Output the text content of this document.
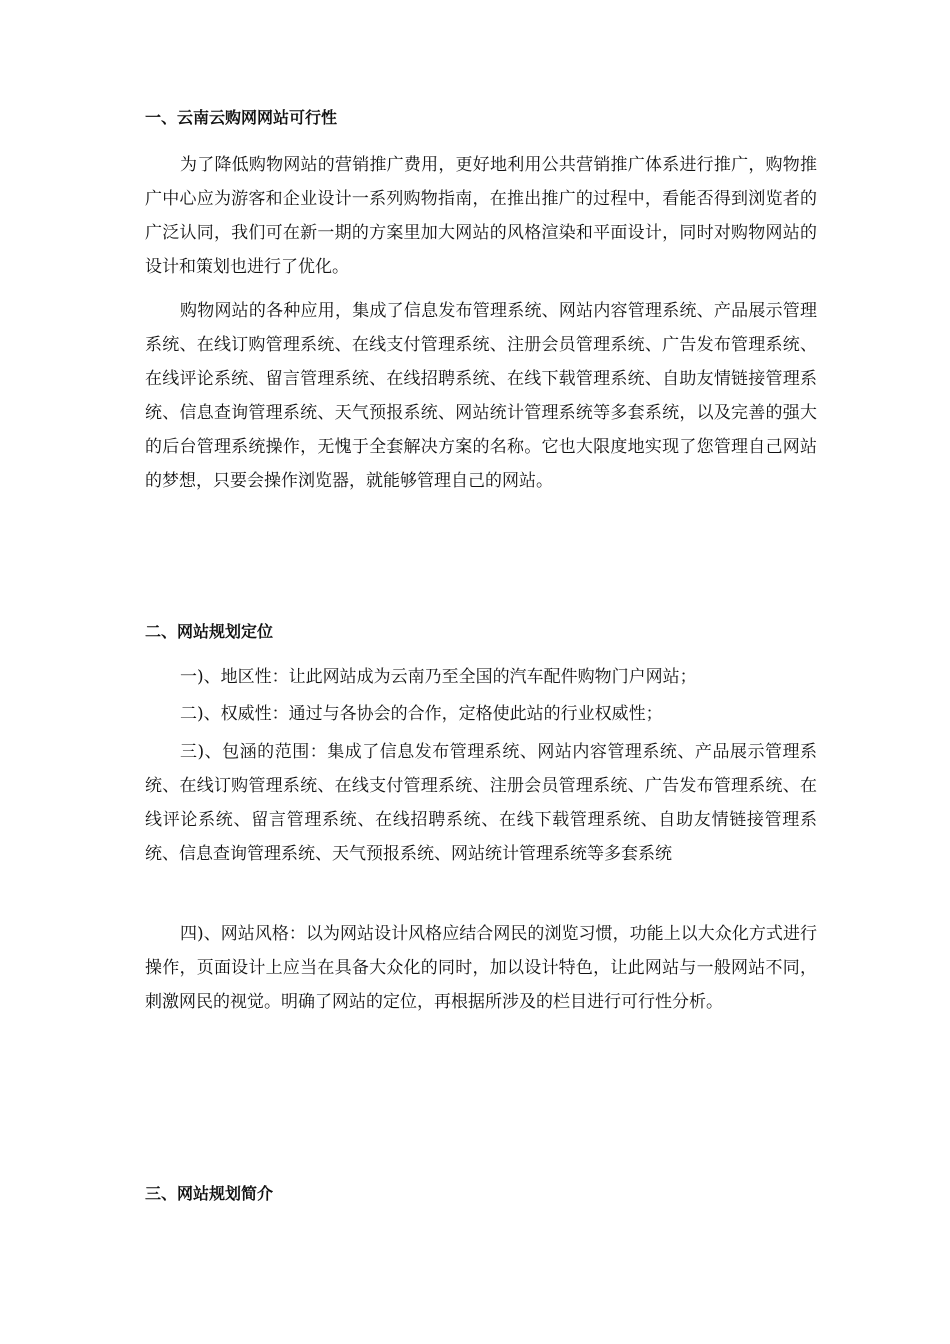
一、云南云购网网站可行性

为了降低购物网站的营销推广费用，更好地利用公共营销推广体系进行推广，购物推广中心应为游客和企业设计一系列购物指南，在推出推广的过程中，看能否得到浏览者的广泛认同，我们可在新一期的方案里加大网站的风格渲染和平面设计，同时对购物网站的设计和策划也进行了优化。

购物网站的各种应用，集成了信息发布管理系统、网站内容管理系统、产品展示管理系统、在线订购管理系统、在线支付管理系统、注册会员管理系统、广告发布管理系统、在线评论系统、留言管理系统、在线招聘系统、在线下载管理系统、自助友情链接管理系统、信息查询管理系统、天气预报系统、网站统计管理系统等多套系统，以及完善的强大的后台管理系统操作，无愧于全套解决方案的名称。它也大限度地实现了您管理自己网站的梦想，只要会操作浏览器，就能够管理自己的网站。

二、网站规划定位

一)、地区性：让此网站成为云南乃至全国的汽车配件购物门户网站；

二)、权威性：通过与各协会的合作，定格使此站的行业权威性；

三)、包涵的范围：集成了信息发布管理系统、网站内容管理系统、产品展示管理系统、在线订购管理系统、在线支付管理系统、注册会员管理系统、广告发布管理系统、在线评论系统、留言管理系统、在线招聘系统、在线下载管理系统、自助友情链接管理系统、信息查询管理系统、天气预报系统、网站统计管理系统等多套系统

四)、网站风格：以为网站设计风格应结合网民的浏览习惯，功能上以大众化方式进行操作，页面设计上应当在具备大众化的同时，加以设计特色，让此网站与一般网站不同，刺激网民的视觉。明确了网站的定位，再根据所涉及的栏目进行可行性分析。

三、网站规划简介
